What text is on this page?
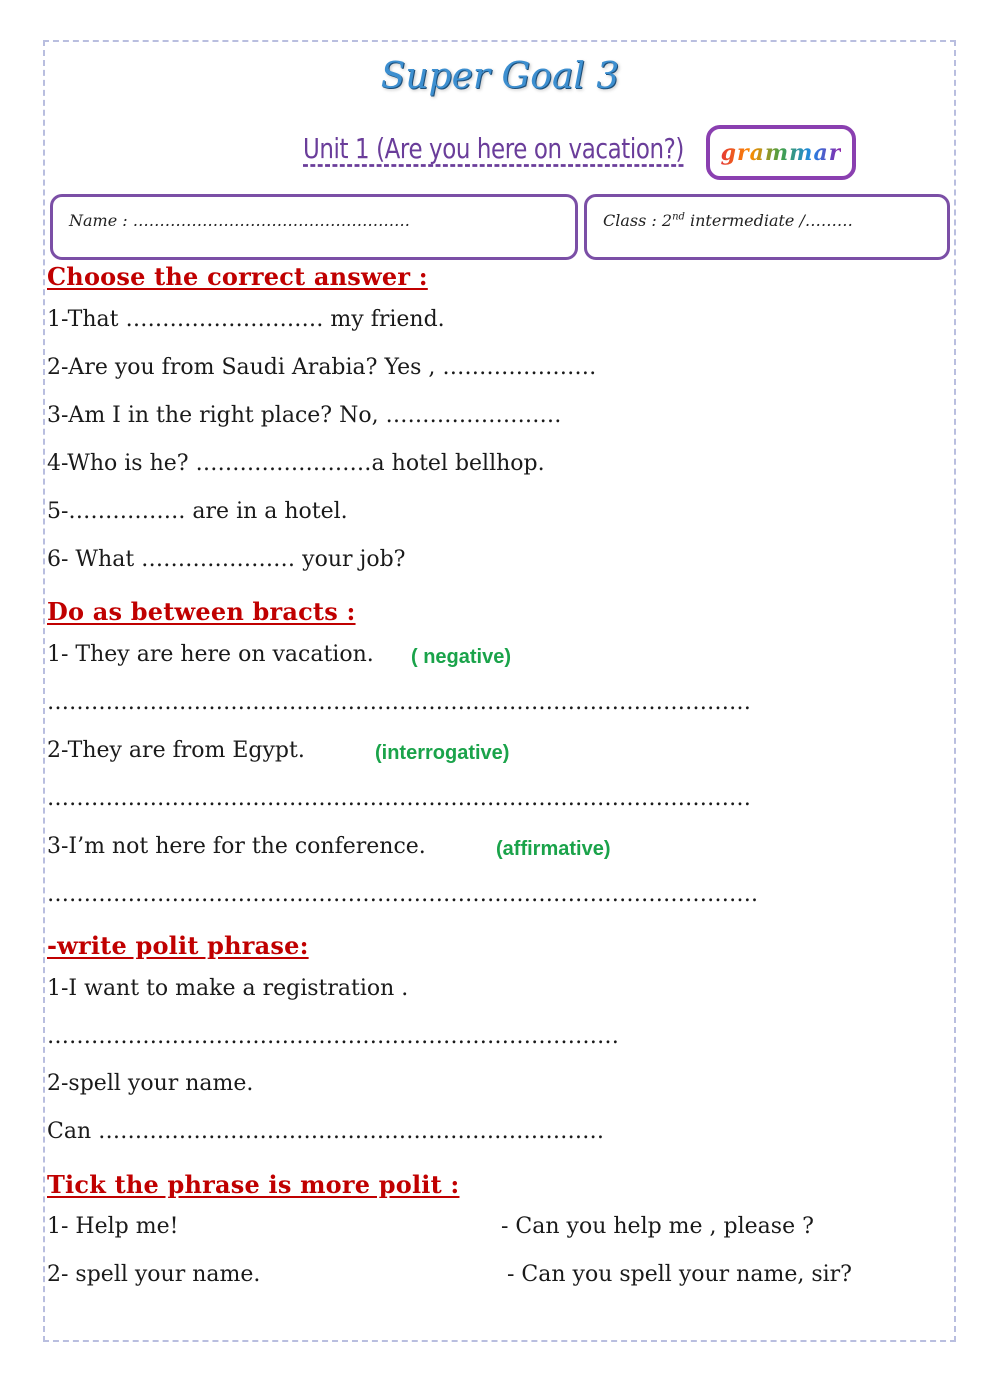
Super Goal 3
Unit 1 (Are you here on vacation?) grammar
Name : …………………………………………….	Class : 2nd intermediate /………
Choose the correct answer :
1-That ……………………… my friend.
2-Are you from Saudi Arabia? Yes , …………………
3-Am I in the right place? No, ……………………
4-Who is he? ……………………a hotel bellhop.
5-……………. are in a hotel.
6- What ………………… your job?
Do as between bracts :
1- They are here on vacation. ( negative)
……………………………………………………………………………………
2-They are from Egypt.	(interrogative)
……………………………………………………………………………………
3-I’m not here for the conference.	(affirmative)
…………………………………………………………………………………….
-write polit phrase:
1-I want to make a registration .
……………………………………………………………………
2-spell your name.
Can ……………………………………………………………
Tick the phrase is more polit :
1- Help me!	- Can you help me , please ?
2- spell your name.	- Can you spell your name, sir?
